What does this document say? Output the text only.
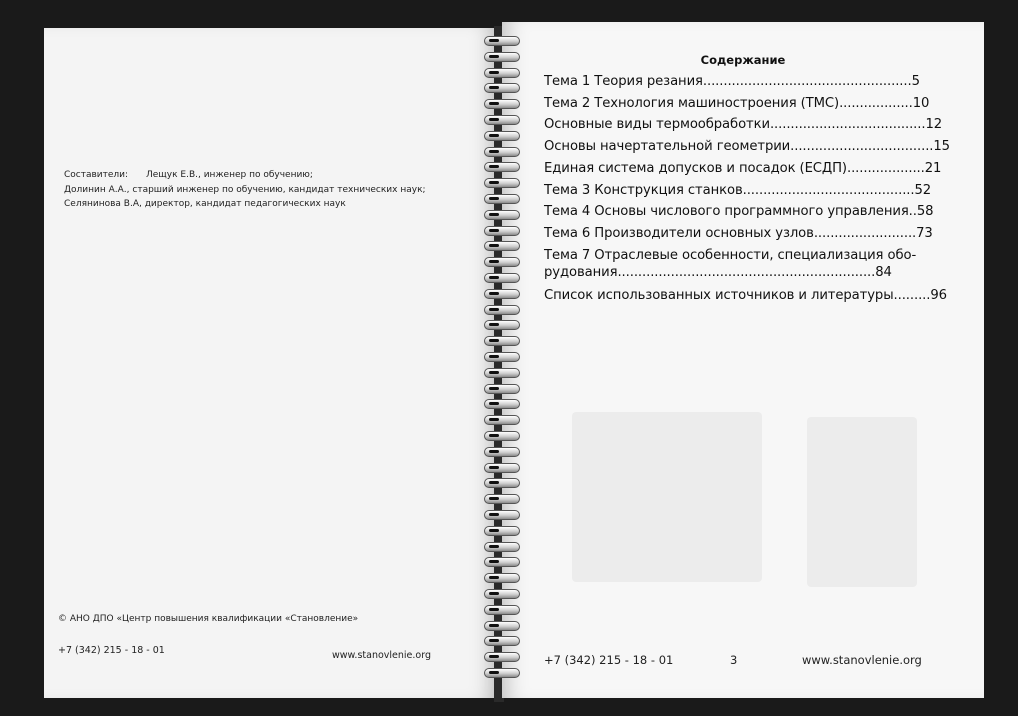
Составители: Лещук Е.В., инженер по обучению;
Долинин А.А., старший инженер по обучению, кандидат технических наук;
Селянинова В.А, директор, кандидат педагогических наук
© АНО ДПО «Центр повышения квалификации «Становление»
+7 (342) 215 - 18 - 01	www.stanovlenie.org
Содержание
Тема 1 Теория резания...................................................5
Тема 2 Технология машиностроения (ТМС)..................10
Основные виды термообработки......................................12
Основы начертательной геометрии...................................15
Единая система допусков и посадок (ЕСДП)...................21
Тема 3 Конструкция станков..........................................52
Тема 4 Основы числового программного управления..58
Тема 6 Производители основных узлов.........................73
Тема 7 Отраслевые особенности, специализация обо-
рудования...............................................................84
Список использованных источников и литературы.........96
+7 (342) 215 - 18 - 01	3	www.stanovlenie.org
